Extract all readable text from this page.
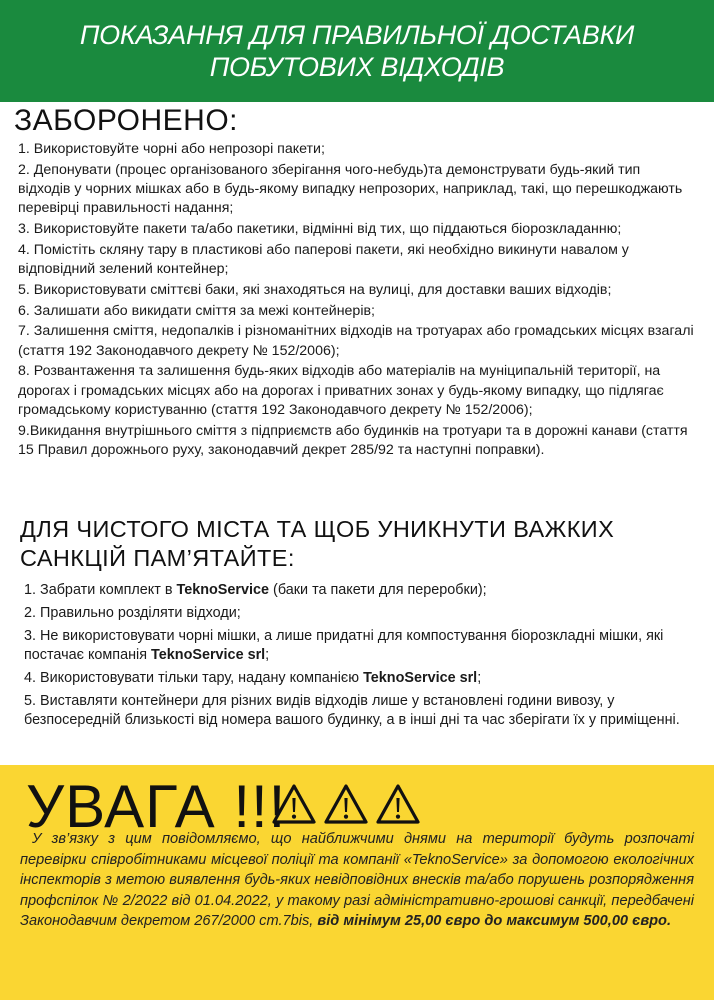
ПОКАЗАННЯ ДЛЯ ПРАВИЛЬНОЇ ДОСТАВКИ
ПОБУТОВИХ ВІДХОДІВ
ЗАБОРОНЕНО:
1. Використовуйте чорні або непрозорі пакети;
2. Депонувати (процес організованого зберігання чого-небудь)та демонструвати будь-який тип відходів у чорних мішках або в будь-якому випадку непрозорих, наприклад, такі, що перешкоджають перевірці правильності надання;
3. Використовуйте пакети та/або пакетики, відмінні від тих, що піддаються біорозкладанню;
4. Помістіть скляну тару в пластикові або паперові пакети, які необхідно викинути навалом у відповідний зелений контейнер;
5. Використовувати сміттєві баки, які знаходяться на вулиці, для доставки ваших відходів;
6. Залишати або викидати сміття за межі контейнерів;
7. Залишення сміття, недопалків і різноманітних відходів на тротуарах або громадських місцях взагалі (стаття 192 Законодавчого декрету № 152/2006);
8. Розвантаження та залишення будь-яких відходів або матеріалів на муніципальній території, на дорогах і громадських місцях або на дорогах і приватних зонах у будь-якому випадку, що підлягає громадському користуванню (стаття 192 Законодавчого декрету № 152/2006);
9.Викидання внутрішнього сміття з підприємств або будинків на тротуари та в дорожні канави (стаття 15 Правил дорожнього руху, законодавчий декрет 285/92 та наступні поправки).
ДЛЯ ЧИСТОГО МІСТА ТА ЩОБ УНИКНУТИ ВАЖКИХ САНКЦІЙ ПАМ’ЯТАЙТЕ:
1. Забрати комплект в TeknoService (баки та пакети для переробки);
2. Правильно розділяти відходи;
3. Не використовувати чорні мішки, а лише придатні для компостування біорозкладні мішки, які постачає компанія TeknoService srl;
4. Використовувати тільки тару, надану компанією TeknoService srl;
5. Виставляти контейнери для різних видів відходів лише у встановлені години вивозу, у безпосередній близькості від номера вашого будинку, а в інші дні та час зберігати їх у приміщенні.
УВАГА !!!
У зв’язку з цим повідомляємо, що найближчими днями на території будуть розпочаті перевірки співробітниками місцевої поліції та компанії «TeknoService» за допомогою екологічних інспекторів з метою виявлення будь-яких невідповідних внесків та/або порушень розпорядження профспілок № 2/2022 від 01.04.2022, у такому разі адміністративно-грошові санкції, передбачені Законодавчим декретом 267/2000 ст.7bis, від мінімум 25,00 євро до максимум 500,00 євро.
